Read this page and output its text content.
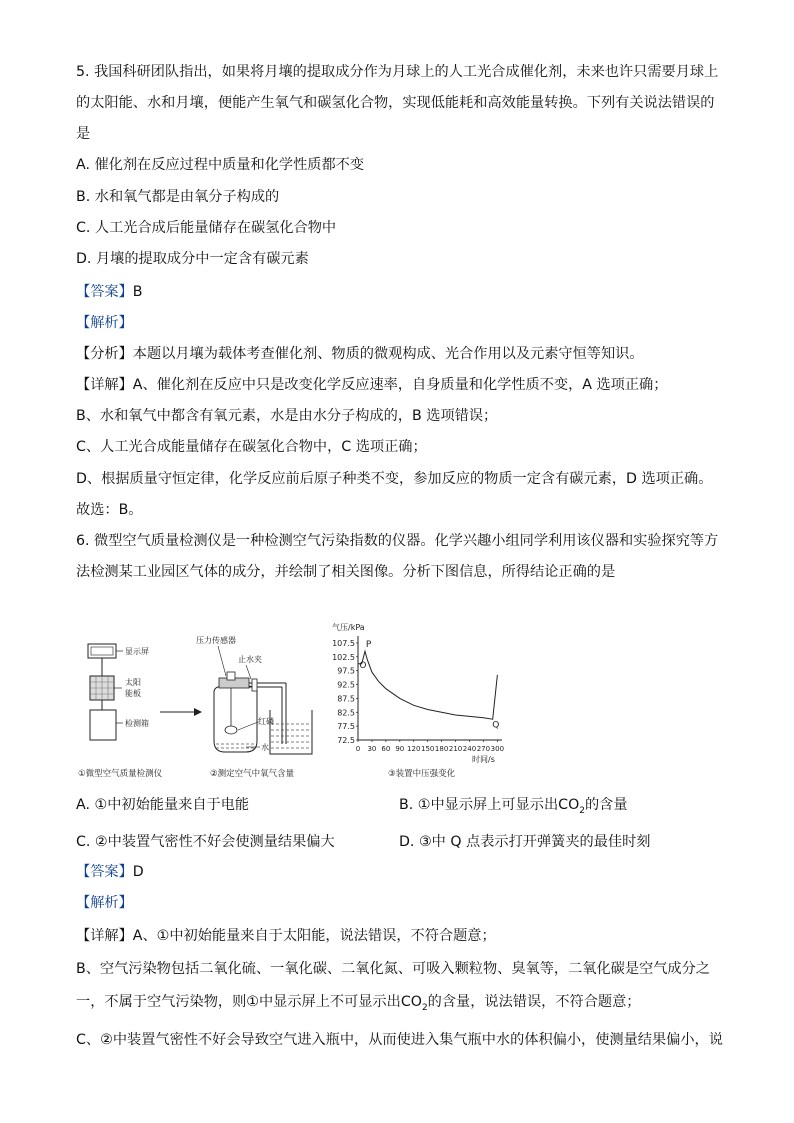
5. 我国科研团队指出，如果将月壤的提取成分作为月球上的人工光合成催化剂，未来也许只需要月球上
的太阳能、水和月壤，便能产生氧气和碳氢化合物，实现低能耗和高效能量转换。下列有关说法错误的
是
A. 催化剂在反应过程中质量和化学性质都不变
B. 水和氧气都是由氧分子构成的
C. 人工光合成后能量储存在碳氢化合物中
D. 月壤的提取成分中一定含有碳元素
【答案】B
【解析】
【分析】本题以月壤为载体考查催化剂、物质的微观构成、光合作用以及元素守恒等知识。
【详解】A、催化剂在反应中只是改变化学反应速率，自身质量和化学性质不变，A 选项正确；
B、水和氧气中都含有氧元素，水是由水分子构成的，B 选项错误；
C、人工光合成能量储存在碳氢化合物中，C 选项正确；
D、根据质量守恒定律，化学反应前后原子种类不变，参加反应的物质一定含有碳元素，D 选项正确。
故选：B。
6. 微型空气质量检测仪是一种检测空气污染指数的仪器。化学兴趣小组同学利用该仪器和实验探究等方
法检测某工业园区气体的成分，并绘制了相关图像。分析下图信息，所得结论正确的是
显示屏
太阳
能板
检测箱
压力传感器
止水夹
红磷
水
气压/kPa
107.5
102.5
97.5
92.5
87.5
82.5
77.5
72.5
0 30 60 90 120 150 180 210 240 270 300
O
P
Q
时间/s
①微型空气质量检测仪	②测定空气中氧气含量	③装置中压强变化
A. ①中初始能量来自于电能	B. ①中显示屏上可显示出$CO_2$的含量
C. ②中装置气密性不好会使测量结果偏大	D. ③中 Q 点表示打开弹簧夹的最佳时刻
【答案】D
【解析】
【详解】A、①中初始能量来自于太阳能，说法错误，不符合题意；
B、空气污染物包括二氧化硫、一氧化碳、二氧化氮、可吸入颗粒物、臭氧等，二氧化碳是空气成分之
一，不属于空气污染物，则①中显示屏上不可显示出$CO_2$的含量，说法错误，不符合题意；
C、②中装置气密性不好会导致空气进入瓶中，从而使进入集气瓶中水的体积偏小，使测量结果偏小，说
